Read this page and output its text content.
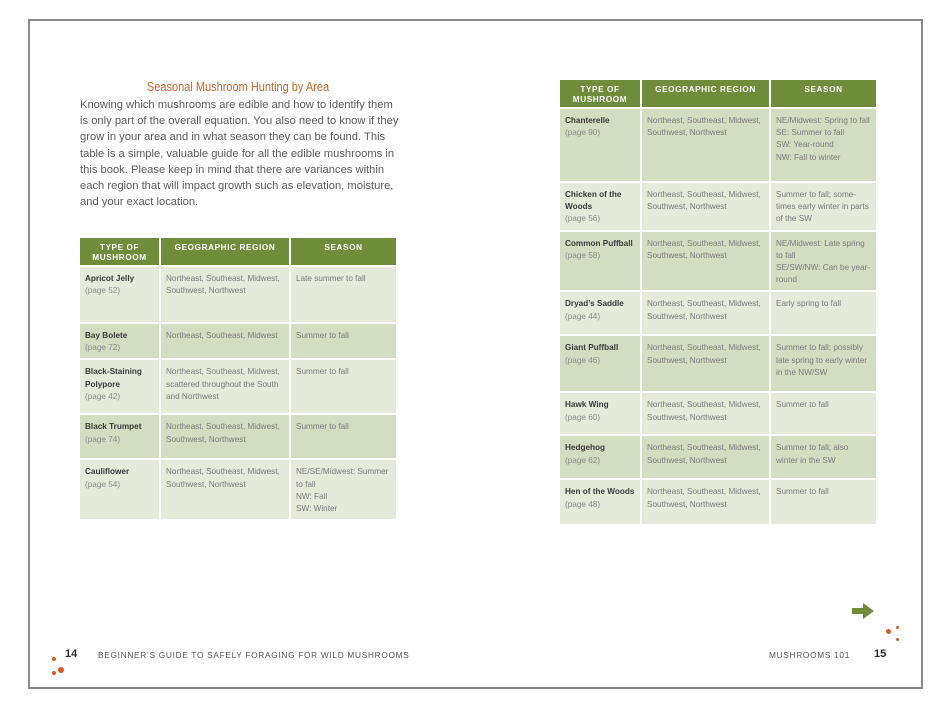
Seasonal Mushroom Hunting by Area
Knowing which mushrooms are edible and how to identify them is only part of the overall equation. You also need to know if they grow in your area and in what season they can be found. This table is a simple, valuable guide for all the edible mushrooms in this book. Please keep in mind that there are variances within each region that will impact growth such as elevation, moisture, and your exact location.
TYPE OF MUSHROOM	GEOGRAPHIC REGION	SEASON

Apricot Jelly
(page 52)	Northeast, Southeast, Midwest, Southwest, Northwest	Late summer to fall

Bay Bolete
(page 72)	Northeast, Southeast, Midwest	Summer to fall

Black-Staining Polypore
(page 42)	Northeast, Southeast, Midwest, scattered throughout the South and Northwest	Summer to fall

Black Trumpet
(page 74)	Northeast, Southeast, Midwest, Southwest, Northwest	Summer to fall

Cauliflower
(page 54)	Northeast, Southeast, Midwest, Southwest, Northwest	NE/SE/Midwest: Summer to fall
NW: Fall
SW: Winter
14	BEGINNER’S GUIDE TO SAFELY FORAGING FOR WILD MUSHROOMS
TYPE OF MUSHROOM	GEOGRAPHIC REGION	SEASON

Chanterelle
(page 90)	Northeast, Southeast, Midwest, Southwest, Northwest	NE/Midwest: Spring to fall
SE: Summer to fall
SW: Year-round
NW: Fall to winter

Chicken of the Woods
(page 56)	Northeast, Southeast, Midwest, Southwest, Northwest	Summer to fall; some-times early winter in parts of the SW

Common Puffball
(page 58)	Northeast, Southeast, Midwest, Southwest, Northwest	NE/Midwest: Late spring to fall
SE/SW/NW: Can be year-round

Dryad’s Saddle
(page 44)	Northeast, Southeast, Midwest, Southwest, Northwest	Early spring to fall

Giant Puffball
(page 46)	Northeast, Southeast, Midwest, Southwest, Northwest	Summer to fall; possibly late spring to early winter in the NW/SW

Hawk Wing
(page 60)	Northeast, Southeast, Midwest, Southwest, Northwest	Summer to fall

Hedgehog
(page 62)	Northeast, Southeast, Midwest, Southwest, Northwest	Summer to fall; also winter in the SW

Hen of the Woods
(page 48)	Northeast, Southeast, Midwest, Southwest, Northwest	Summer to fall
MUSHROOMS 101 15
